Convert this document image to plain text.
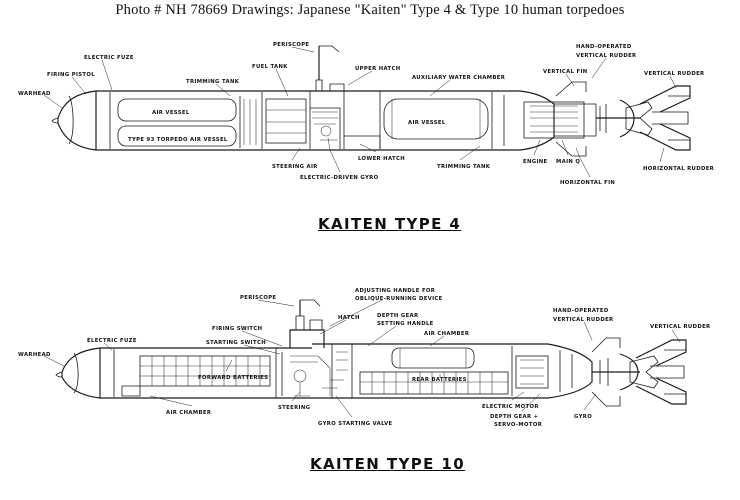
Photo # NH 78669 Drawings: Japanese "Kaiten" Type 4 & Type 10 human torpedoes
KAITEN TYPE 4
KAITEN TYPE 10
ELECTRIC FUZE
FIRING PISTOL
WARHEAD
TRIMMING TANK
PERISCOPE
FUEL TANK	UPPER HATCH
AUXILIARY WATER CHAMBER
AIR VESSEL
TYPE 93 TORPEDO AIR VESSEL
AIR VESSEL
STEERING AIR
ELECTRIC-DRIVEN GYRO
LOWER HATCH
TRIMMING TANK
ENGINE MAIN Q
HORIZONTAL FIN
HORIZONTAL RUDDER
HAND-OPERATED
VERTICAL RUDDER
VERTICAL FIN	VERTICAL RUDDER
WARHEAD
ELECTRIC FUZE
PERISCOPE
FIRING SWITCH
STARTING SWITCH
ADJUSTING HANDLE FOR
OBLIQUE-RUNNING DEVICE
HATCH	DEPTH GEAR
SETTING HANDLE
AIR CHAMBER
HAND-OPERATED
VERTICAL RUDDER
VERTICAL RUDDER
FORWARD BATTERIES	REAR BATTERIES
AIR CHAMBER
STEERING
GYRO STARTING VALVE
ELECTRIC MOTOR
DEPTH GEAR +
SERVO-MOTOR
GYRO
